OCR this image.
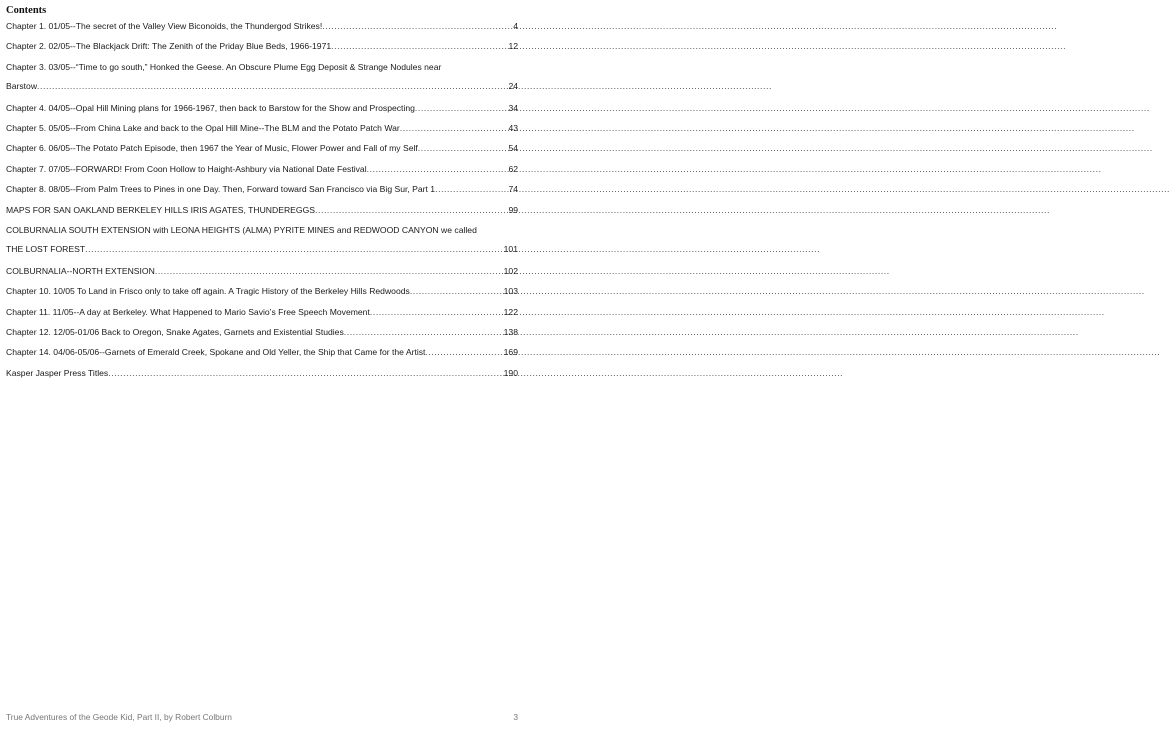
Contents
Chapter 1. 01/05--The secret of the Valley View Biconoids, the Thundergod Strikes! .....	4
Chapter 2. 02/05--The Blackjack Drift: The Zenith of the Priday Blue Beds, 1966-1971 .....	12
Chapter 3. 03/05--“Time to go south,” Honked the Geese. An Obscure Plume Egg Deposit & Strange Nodules near
Barstow .....	24
Chapter 4. 04/05--Opal Hill Mining plans for 1966-1967, then back to Barstow for the Show and Prospecting .....	34
Chapter 5. 05/05--From China Lake and back to the Opal Hill Mine--The BLM and the Potato Patch War .....	43
Chapter 6. 06/05--The Potato Patch Episode, then 1967 the Year of Music, Flower Power and Fall of my Self .....	54
Chapter 7. 07/05--FORWARD! From Coon Hollow to Haight-Ashbury via National Date Festival .....	62
Chapter 8. 08/05--From Palm Trees to Pines in one Day. Then, Forward toward San Francisco via Big Sur, Part 1 .....	74
MAPS FOR SAN OAKLAND BERKELEY HILLS IRIS AGATES, THUNDEREGGS .....	99
COLBURNALIA SOUTH EXTENSION with LEONA HEIGHTS (ALMA) PYRITE MINES and REDWOOD CANYON we called
THE LOST FOREST .....	101
COLBURNALIA--NORTH EXTENSION .....	102
Chapter 10. 10/05 To Land in Frisco only to take off again. A Tragic History of the Berkeley Hills Redwoods .....	103
Chapter 11. 11/05--A day at Berkeley. What Happened to Mario Savio’s Free Speech Movement .....	122
Chapter 12. 12/05-01/06 Back to Oregon, Snake Agates, Garnets and Existential Studies .....	138
Chapter 14. 04/06-05/06--Garnets of Emerald Creek, Spokane and Old Yeller, the Ship that Came for the Artist .....	169
Kasper Jasper Press Titles .....	190
True Adventures of the Geode Kid, Part II, by Robert Colburn	3
